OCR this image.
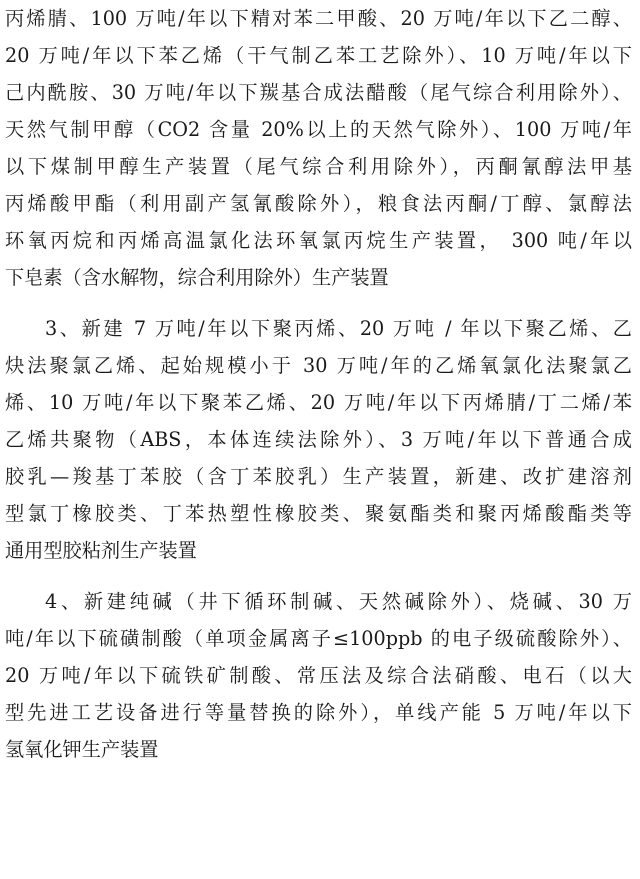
丙烯腈、100 万吨/年以下精对苯二甲酸、20 万吨/年以下乙二醇、
20 万吨/年以下苯乙烯（干气制乙苯工艺除外）、10 万吨/年以下
己内酰胺、30 万吨/年以下羰基合成法醋酸（尾气综合利用除外）、
天然气制甲醇（CO2 含量 20%以上的天然气除外）、100 万吨/年
以下煤制甲醇生产装置（尾气综合利用除外），丙酮氰醇法甲基
丙烯酸甲酯（利用副产氢氰酸除外），粮食法丙酮/丁醇、氯醇法
环氧丙烷和丙烯高温氯化法环氧氯丙烷生产装置， 300 吨/年以
下皂素（含水解物，综合利用除外）生产装置
3、新建 7 万吨/年以下聚丙烯、20 万吨 / 年以下聚乙烯、乙
炔法聚氯乙烯、起始规模小于 30 万吨/年的乙烯氧氯化法聚氯乙
烯、10 万吨/年以下聚苯乙烯、20 万吨/年以下丙烯腈/丁二烯/苯
乙烯共聚物（ABS，本体连续法除外）、3 万吨/年以下普通合成
胶乳—羧基丁苯胶（含丁苯胶乳）生产装置，新建、改扩建溶剂
型氯丁橡胶类、丁苯热塑性橡胶类、聚氨酯类和聚丙烯酸酯类等
通用型胶粘剂生产装置
4、新建纯碱（井下循环制碱、天然碱除外）、烧碱、30 万
吨/年以下硫磺制酸（单项金属离子≤100ppb 的电子级硫酸除外）、
20 万吨/年以下硫铁矿制酸、常压法及综合法硝酸、电石（以大
型先进工艺设备进行等量替换的除外），单线产能 5 万吨/年以下
氢氧化钾生产装置
